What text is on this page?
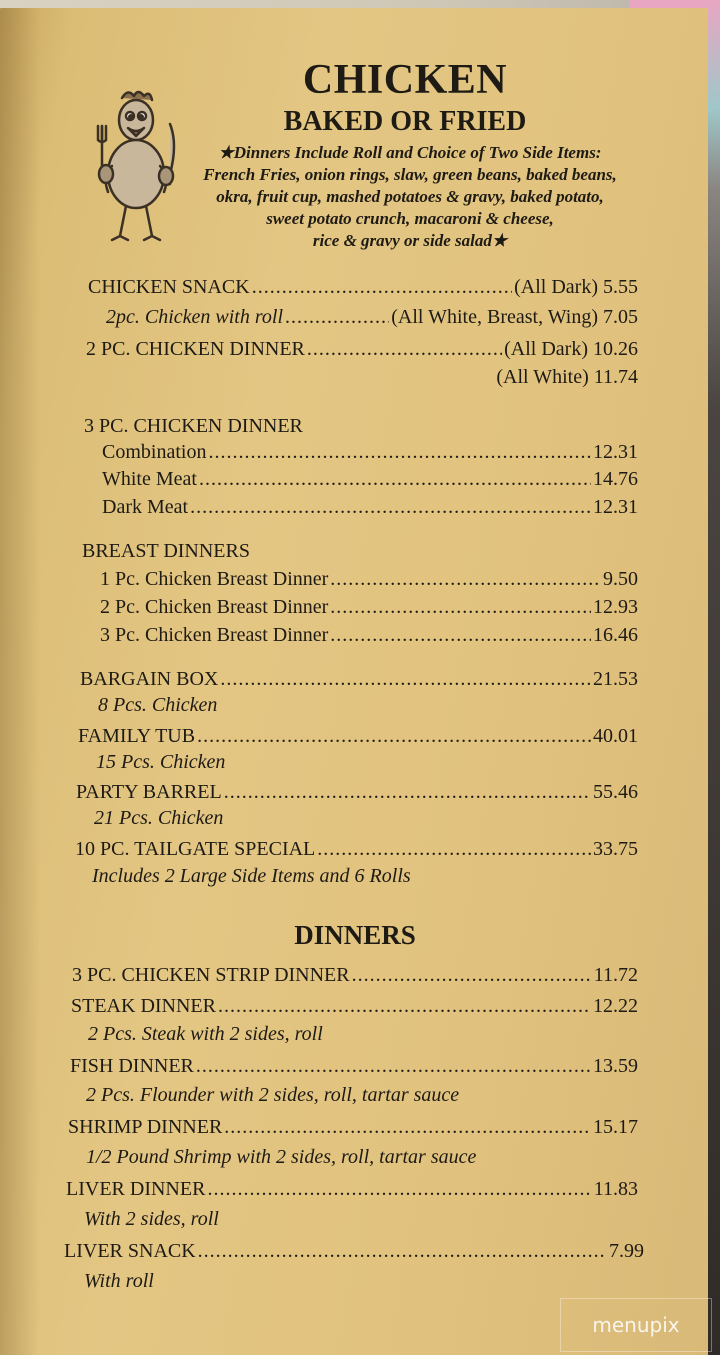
CHICKEN
BAKED OR FRIED
★Dinners Include Roll and Choice of Two Side Items:
French Fries, onion rings, slaw, green beans, baked beans,
okra, fruit cup, mashed potatoes & gravy, baked potato,
sweet potato crunch, macaroni & cheese,
rice & gravy or side salad★
CHICKEN SNACK .....	(All Dark) 5.55
2pc. Chicken with roll .....	(All White, Breast, Wing) 7.05
2 PC. CHICKEN DINNER .....	(All Dark) 10.26
(All White) 11.74
3 PC. CHICKEN DINNER
Combination .....	12.31
White Meat .....	14.76
Dark Meat .....	12.31
BREAST DINNERS
1 Pc. Chicken Breast Dinner .....	9.50
2 Pc. Chicken Breast Dinner .....	12.93
3 Pc. Chicken Breast Dinner .....	16.46
BARGAIN BOX .....	21.53
8 Pcs. Chicken
FAMILY TUB .....	40.01
15 Pcs. Chicken
PARTY BARREL .....	55.46
21 Pcs. Chicken
10 PC. TAILGATE SPECIAL .....	33.75
Includes 2 Large Side Items and 6 Rolls
DINNERS
3 PC. CHICKEN STRIP DINNER .....	11.72
STEAK DINNER .....	12.22
2 Pcs. Steak with 2 sides, roll
FISH DINNER .....	13.59
2 Pcs. Flounder with 2 sides, roll, tartar sauce
SHRIMP DINNER .....	15.17
1/2 Pound Shrimp with 2 sides, roll, tartar sauce
LIVER DINNER .....	11.83
With 2 sides, roll
LIVER SNACK .....	7.99
With roll
menupix
